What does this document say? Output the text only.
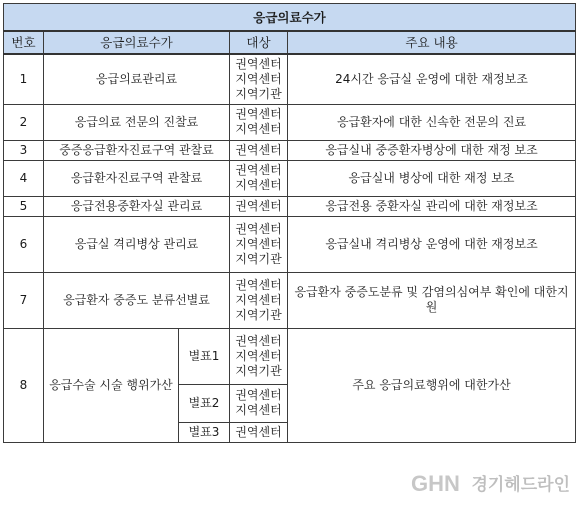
응급의료수가				
번호	응급의료수가		대상	주요 내용
1	응급의료관리료		권역센터
지역센터
지역기관	24시간 응급실 운영에 대한 재정보조
2	응급의료 전문의 진찰료		권역센터
지역센터	응급환자에 대한 신속한 전문의 진료
3	중증응급환자진료구역 관찰료		권역센터	응급실내 중증환자병상에 대한 재정 보조
4	응급환자진료구역 관찰료		권역센터
지역센터	응급실내 병상에 대한 재정 보조
5	응급전용중환자실 관리료		권역센터	응급전용 중환자실 관리에 대한 재정보조
6	응급실 격리병상 관리료		권역센터
지역센터
지역기관	응급실내 격리병상 운영에 대한 재정보조
7	응급환자 중증도 분류선별료		권역센터
지역센터
지역기관	응급환자 중증도분류 및 감염의심여부 확인에 대한지원
8	응급수술 시술 행위가산	별표1	권역센터
지역센터
지역기관	주요 응급의료행위에 대한가산
		별표2	권역센터
지역센터	

		별표3	권역센터	
GHN 경기헤드라인
